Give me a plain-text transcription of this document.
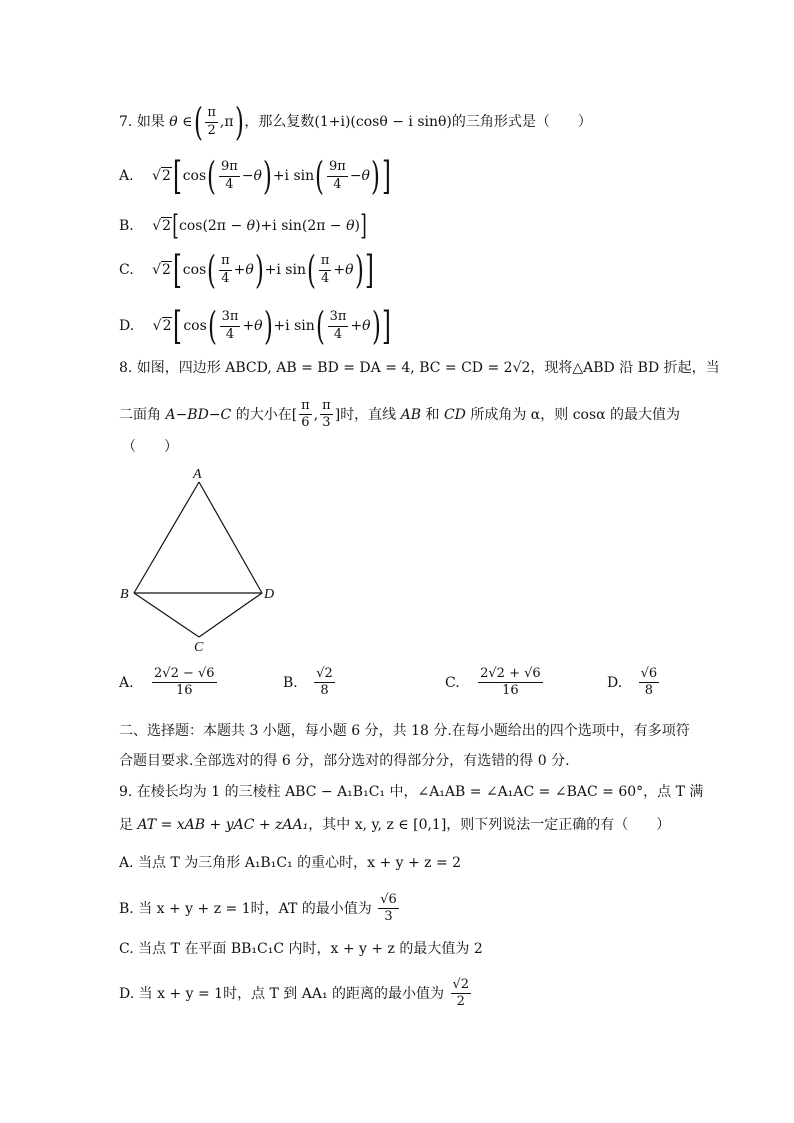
7. 如果 θ ∈( $\frac{\pi}{2} ,\pi$)，那么复数(1+i)(cosθ − i sinθ)的三角形式是（　　）
A. $√2[\cos( \frac{9\pi}{4} -\theta)+i$ $\sin( \frac{9\pi}{4} -\theta)$]
B. √2[cos(2π − θ)+i sin(2π − θ)]
C. $√2[\cos( \frac{\pi}{4} +\theta)+i$ $\sin( \frac{\pi}{4} +\theta)$]
D. $√2[\cos( \frac{3\pi}{4} +\theta)+i$ $\sin( \frac{3\pi}{4} +\theta)$]
8. 如图，四边形 ABCD, AB = BD = DA = 4, BC = CD = 2√2，现将△ABD 沿 BD 折起，当
二面角 A−BD−C 的大小在[ $\frac{\pi}{6}$ , $\frac{\pi}{3}$ ]时，直线 AB 和 CD 所成角为 α，则 cosα 的最大值为
（　　）
A
B	D
C
A. $\frac{2√2 - √6}{16}$	B. $\frac{√2}{8}$	C. $\frac{2√2 + √6}{16}$	D. $\frac{√6}{8}$
二、选择题：本题共 3 小题，每小题 6 分，共 18 分.在每小题给出的四个选项中，有多项符
合题目要求.全部选对的得 6 分，部分选对的得部分分，有选错的得 0 分.
9. 在棱长均为 1 的三棱柱 ABC − A₁B₁C₁ 中，∠A₁AB = ∠A₁AC = ∠BAC = 60°，点 T 满
足 AT = xAB + yAC + zAA₁，其中 x, y, z ∈ [0,1]，则下列说法一定正确的有（　　）
A. 当点 T 为三角形 A₁B₁C₁ 的重心时，x + y + z = 2
B. 当 x + y + z = 1时，AT 的最小值为 $\frac{√6}{3}$
C. 当点 T 在平面 BB₁C₁C 内时，x + y + z 的最大值为 2
D. 当 x + y = 1时，点 T 到 AA₁ 的距离的最小值为 $\frac{√2}{2}$
